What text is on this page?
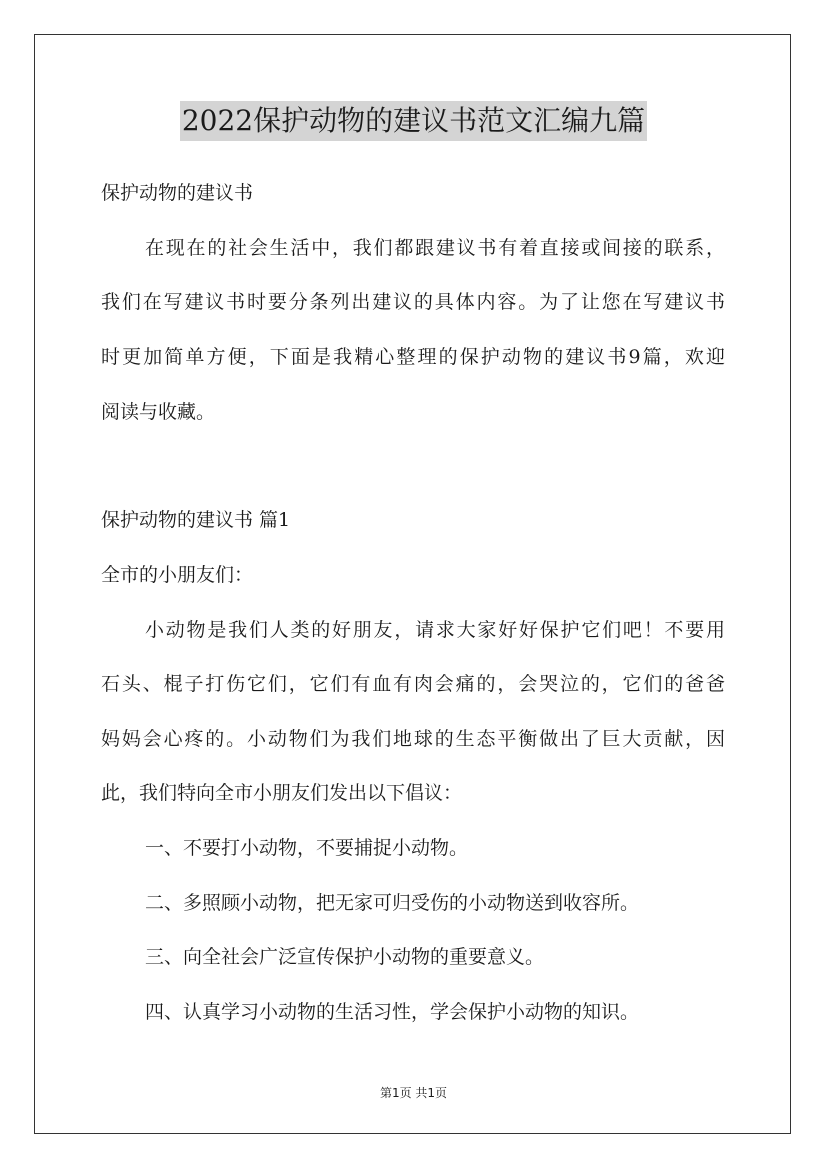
2022保护动物的建议书范文汇编九篇
保护动物的建议书
在现在的社会生活中，我们都跟建议书有着直接或间接的联系，
我们在写建议书时要分条列出建议的具体内容。为了让您在写建议书
时更加简单方便，下面是我精心整理的保护动物的建议书9篇，欢迎
阅读与收藏。
保护动物的建议书 篇1
全市的小朋友们：
小动物是我们人类的好朋友，请求大家好好保护它们吧！不要用
石头、棍子打伤它们，它们有血有肉会痛的，会哭泣的，它们的爸爸
妈妈会心疼的。小动物们为我们地球的生态平衡做出了巨大贡献，因
此，我们特向全市小朋友们发出以下倡议：
一、不要打小动物，不要捕捉小动物。
二、多照顾小动物，把无家可归受伤的小动物送到收容所。
三、向全社会广泛宣传保护小动物的重要意义。
四、认真学习小动物的生活习性，学会保护小动物的知识。
第1页 共1页
